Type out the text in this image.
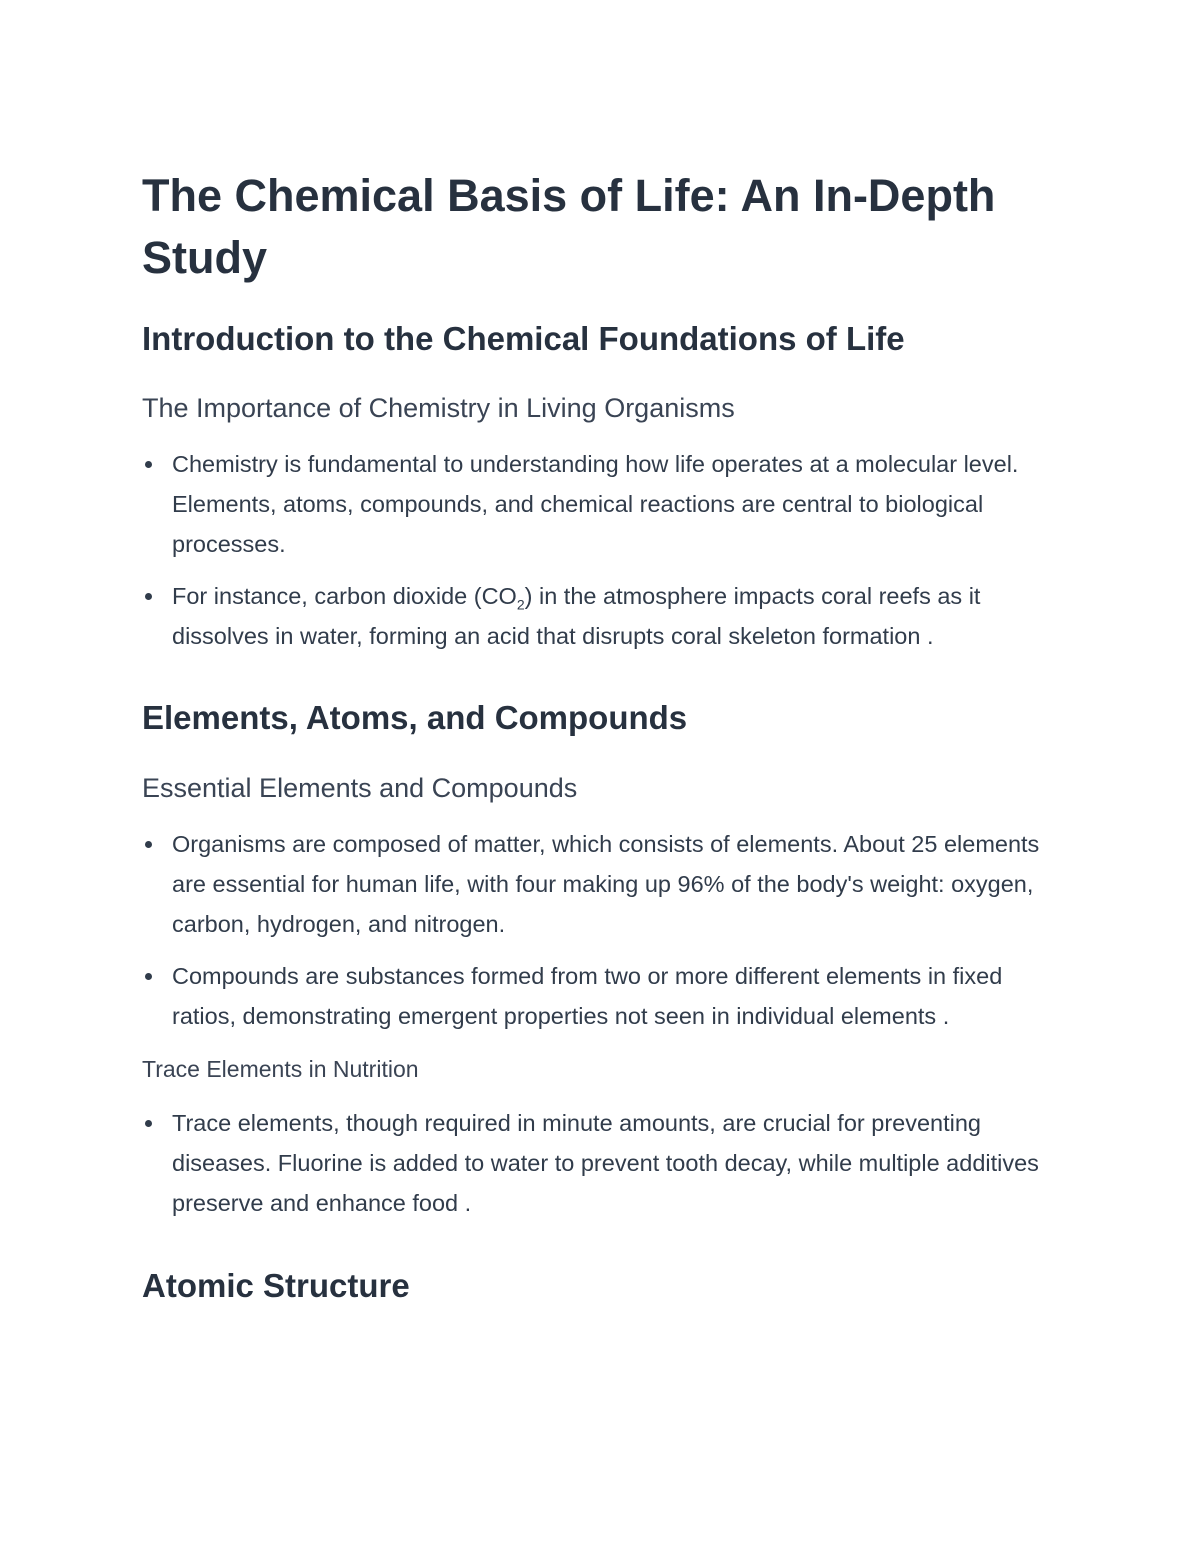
The Chemical Basis of Life: An In-Depth Study
Introduction to the Chemical Foundations of Life
The Importance of Chemistry in Living Organisms
Chemistry is fundamental to understanding how life operates at a molecular level. Elements, atoms, compounds, and chemical reactions are central to biological processes.
For instance, carbon dioxide $(CO_2)$ in the atmosphere impacts coral reefs as it dissolves in water, forming an acid that disrupts coral skeleton formation .
Elements, Atoms, and Compounds
Essential Elements and Compounds
Organisms are composed of matter, which consists of elements. About 25 elements are essential for human life, with four making up 96% of the body's weight: oxygen, carbon, hydrogen, and nitrogen.
Compounds are substances formed from two or more different elements in fixed ratios, demonstrating emergent properties not seen in individual elements .
Trace Elements in Nutrition
Trace elements, though required in minute amounts, are crucial for preventing diseases. Fluorine is added to water to prevent tooth decay, while multiple additives preserve and enhance food .
Atomic Structure
